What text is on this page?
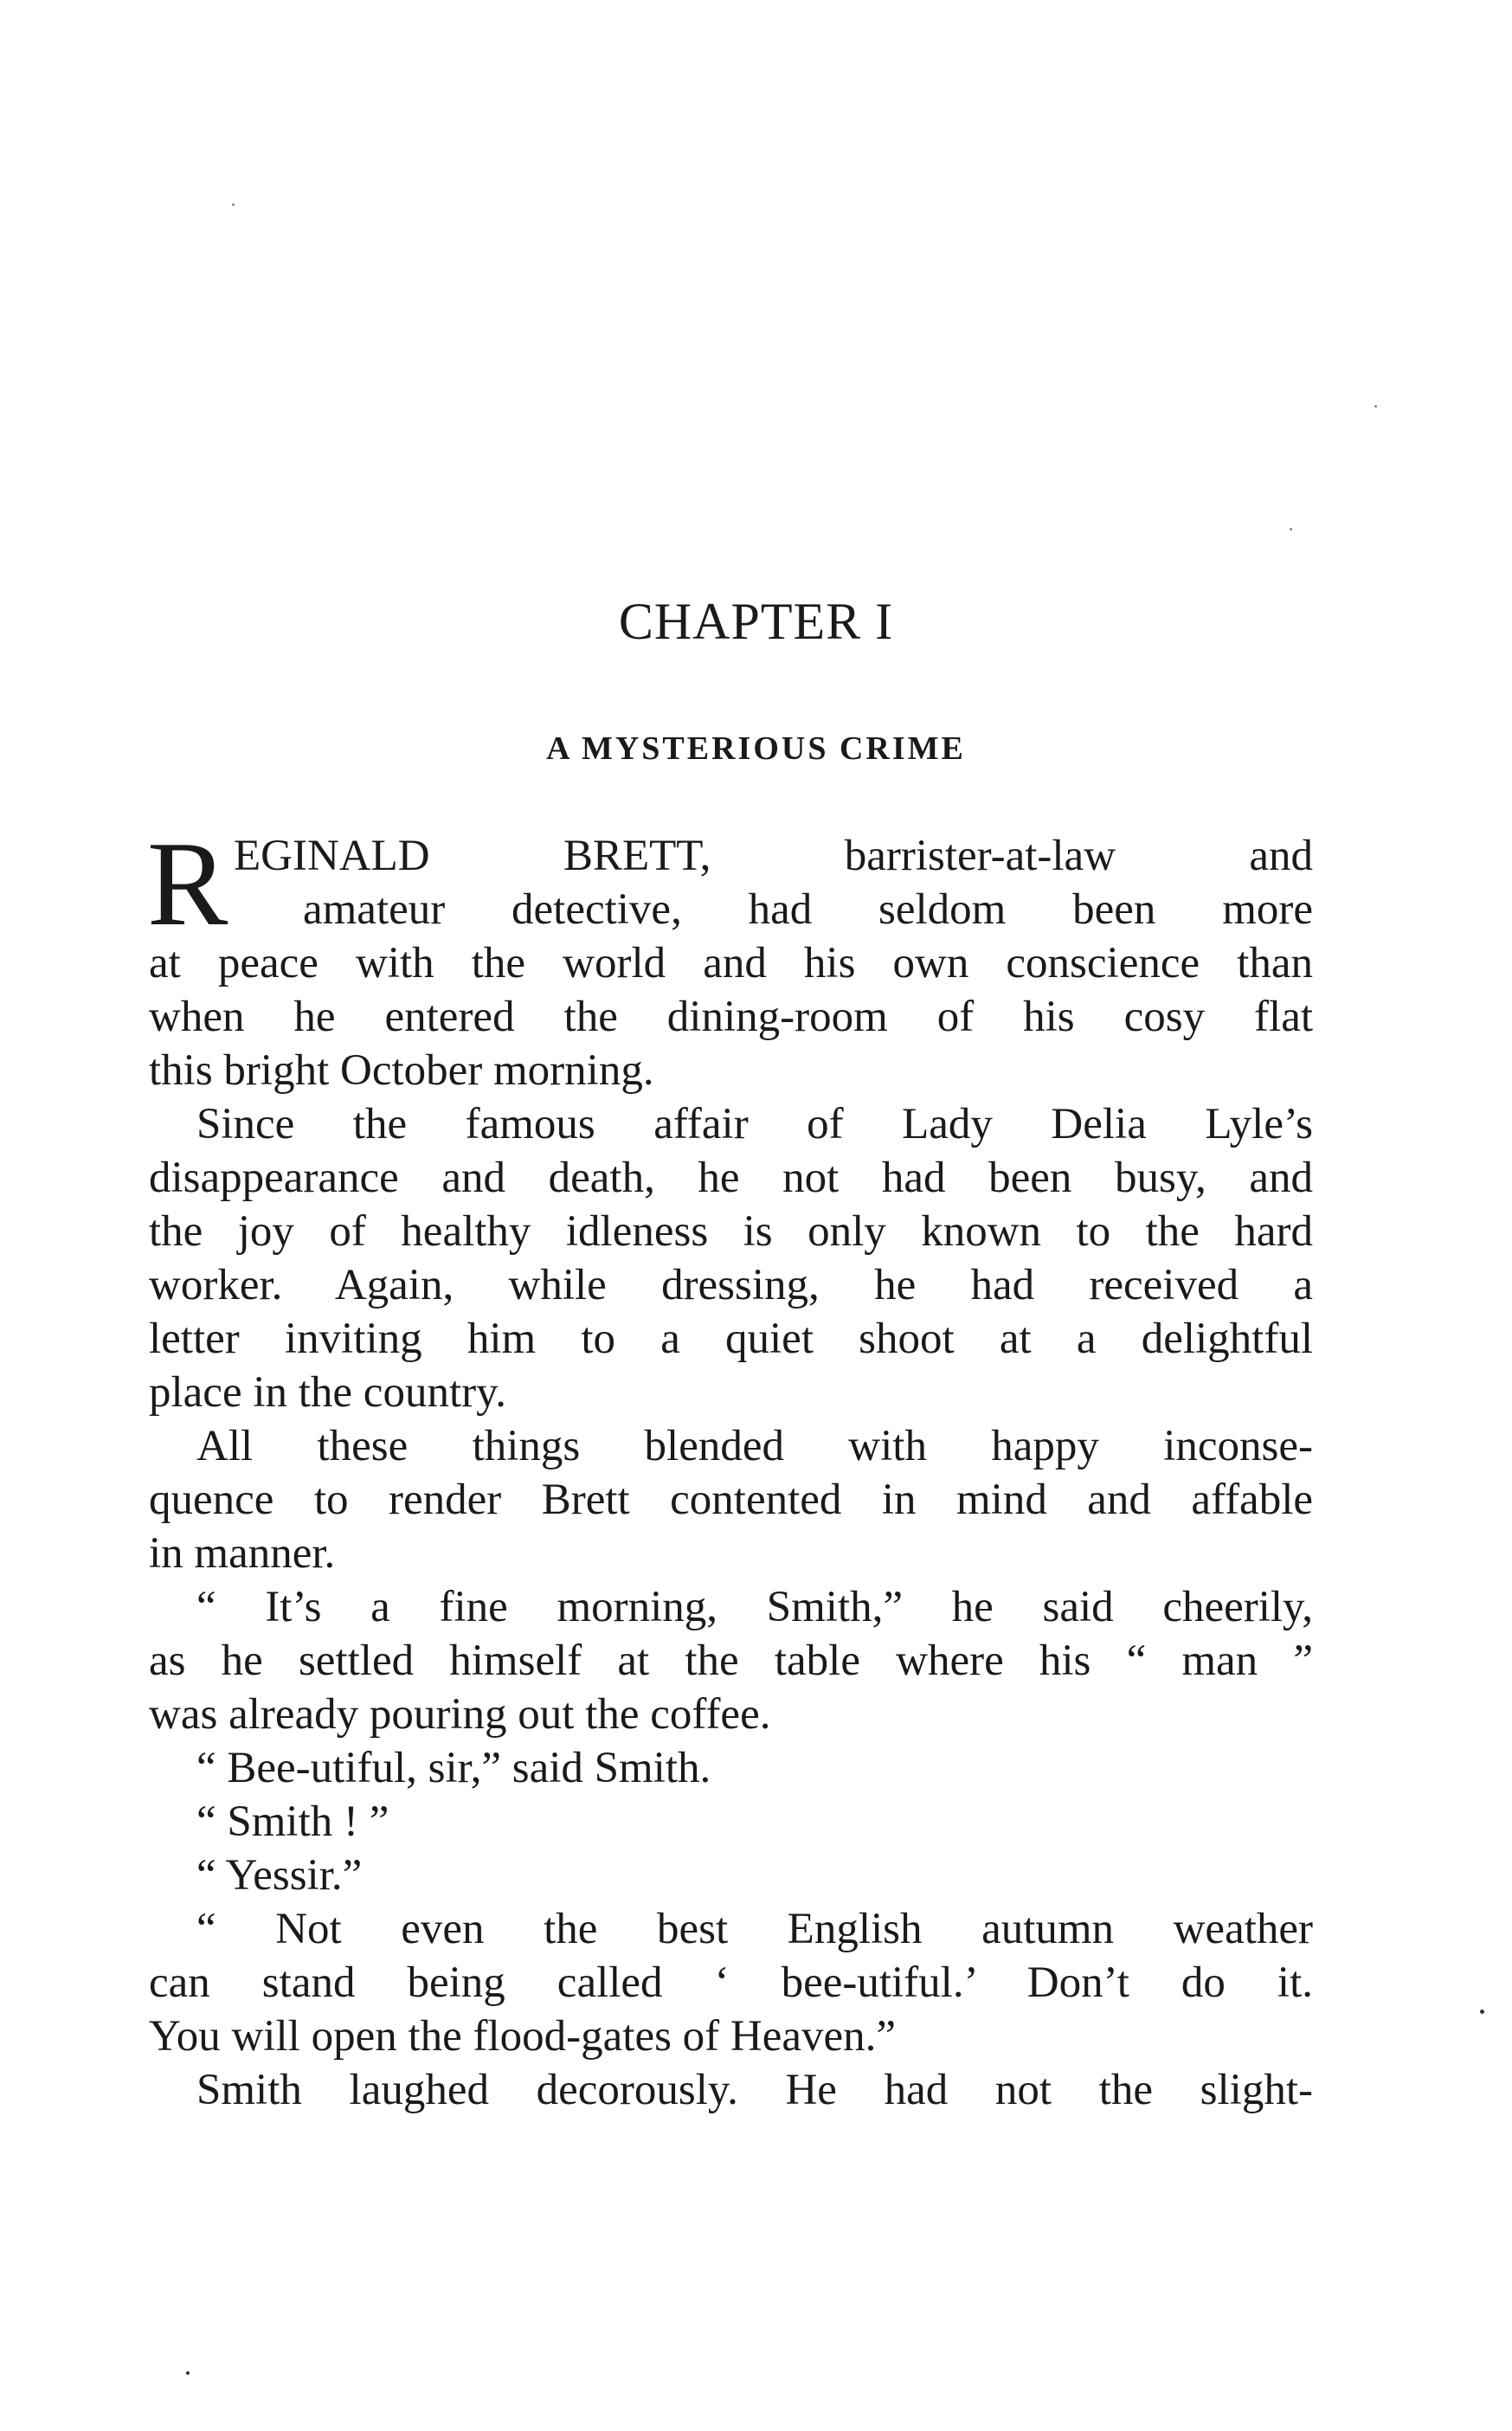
CHAPTER I
A MYSTERIOUS CRIME
R EGINALD BRETT, barrister-at-law and
amateur detective, had seldom been more
at peace with the world and his own conscience than
when he entered the dining-room of his cosy flat
this bright October morning.
Since the famous affair of Lady Delia Lyle’s
disappearance and death, he not had been busy, and
the joy of healthy idleness is only known to the hard
worker. Again, while dressing, he had received a
letter inviting him to a quiet shoot at a delightful
place in the country.
All these things blended with happy inconse-
quence to render Brett contented in mind and affable
in manner.
“ It’s a fine morning, Smith,” he said cheerily,
as he settled himself at the table where his “ man ”
was already pouring out the coffee.
“ Bee-utiful, sir,” said Smith.
“ Smith ! ”
“ Yessir.”
“ Not even the best English autumn weather
can stand being called ‘ bee-utiful.’ Don’t do it.
You will open the flood-gates of Heaven.”
Smith laughed decorously. He had not the slight-
